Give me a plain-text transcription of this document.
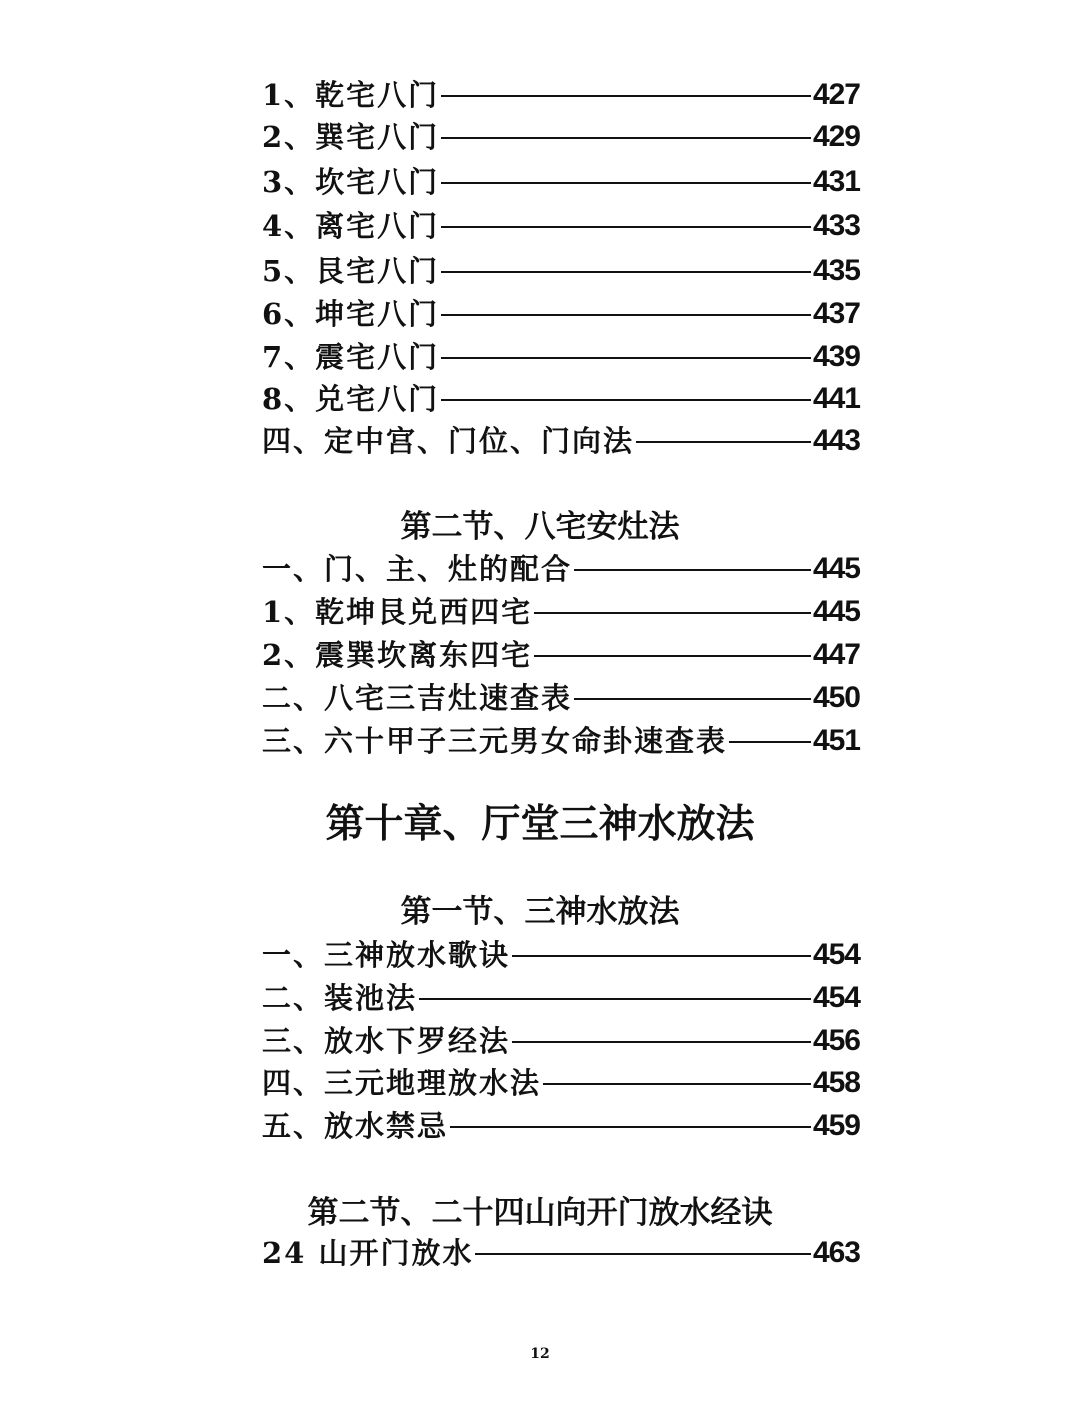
1、乾宅八门	427
2、巽宅八门	429
3、坎宅八门	431
4、离宅八门	433
5、艮宅八门	435
6、坤宅八门	437
7、震宅八门	439
8、兑宅八门	441
四、定中宫、门位、门向法	443
第二节、八宅安灶法
一、门、主、灶的配合	445
1、乾坤艮兑西四宅	445
2、震巽坎离东四宅	447
二、八宅三吉灶速查表	450
三、六十甲子三元男女命卦速查表	451
第十章、厅堂三神水放法
第一节、三神水放法
一、三神放水歌诀	454
二、装池法	454
三、放水下罗经法	456
四、三元地理放水法	458
五、放水禁忌	459
第二节、二十四山向开门放水经诀
24 山开门放水	463
12
